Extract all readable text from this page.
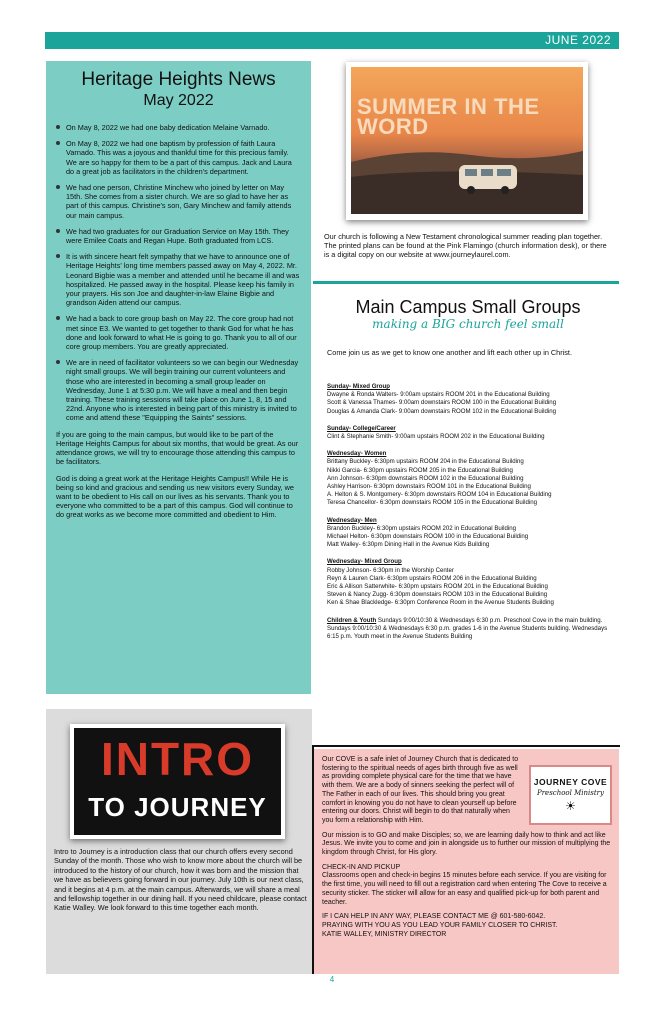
JUNE 2022
Heritage Heights News
May 2022
On May 8, 2022 we had one baby dedication Melaine Varnado.
On May 8, 2022 we had one baptism by profession of faith Laura Varnado. This was a joyous and thankful time for this precious family. We are so happy for them to be a part of this campus. Jack and Laura do a great job as facilitators in the children's department.
We had one person, Christine Minchew who joined by letter on May 15th. She comes from a sister church. We are so glad to have her as part of this campus. Christine's son, Gary Minchew and family attends our main campus.
We had two graduates for our Graduation Service on May 15th. They were Emilee Coats and Regan Hupe. Both graduated from LCS.
It is with sincere heart felt sympathy that we have to announce one of Heritage Heights' long time members passed away on May 4, 2022. Mr. Leonard Bigbie was a member and attended until he became ill and was hospitalized. He passed away in the hospital. Please keep his family in your prayers. His son Joe and daughter-in-law Elaine Bigbie and grandson Aiden attend our campus.
We had a back to core group bash on May 22. The core group had not met since E3. We wanted to get together to thank God for what he has done and look forward to what He is going to go. Thank you to all of our core group members. You are greatly appreciated.
We are in need of facilitator volunteers so we can begin our Wednesday night small groups. We will begin training our current volunteers and those who are interested in becoming a small group leader on Wednesday, June 1 at 5:30 p.m. We will have a meal and then begin training. These training sessions will take place on June 1, 8, 15 and 22nd. Anyone who is interested in being part of this ministry is invited to come and attend these "Equipping the Saints" sessions.

If you are going to the main campus, but would like to be part of the Heritage Heights Campus for about six months, that would be great. As our attendance grows, we will try to encourage those attending this campus to be facilitators.

God is doing a great work at the Heritage Heights Campus!! While He is being so kind and gracious and sending us new visitors every Sunday, we want to be obedient to His call on our lives as his servants. Thank you to everyone who committed to be a part of this campus. God will continue to do great works as we become more committed and obedient to Him.

SUMMER IN THE WORD
Our church is following a New Testament chronological summer reading plan together. The printed plans can be found at the Pink Flamingo (church information desk), or there is a digital copy on our website at www.journeylaurel.com.
Main Campus Small Groups
making a BIG church feel small
Come join us as we get to know one another and lift each other up in Christ.
Sunday- Mixed Group
Dwayne & Ronda Walters- 9:00am upstairs ROOM 201 in the Educational Building
Scott & Vanessa Thames- 9:00am downstairs ROOM 100 in the Educational Building
Douglas & Amanda Clark- 9:00am downstairs ROOM 102 in the Educational Building
Sunday- College/Career
Clint & Stephanie Smith- 9:00am upstairs ROOM 202 in the Educational Building
Wednesday- Women
Brittany Buckley- 6:30pm upstairs ROOM 204 in the Educational Building
Nikki Garcia- 6:30pm upstairs ROOM 205 in the Educational Building
Ann Johnson- 6:30pm downstairs ROOM 102 in the Educational Building
Ashley Harrison- 6:30pm downstairs ROOM 101 in the Educational Building
A. Helton & S. Montgomery- 6:30pm downstairs ROOM 104 in Educational Building
Teresa Chancellor- 6:30pm downstairs ROOM 105 in the Educational Building
Wednesday- Men
Brandon Buckley- 6:30pm upstairs ROOM 202 in Educational Building
Michael Helton- 6:30pm downstairs ROOM 100 in the Educational Building
Matt Walley- 6:30pm Dining Hall in the Avenue Kids Building
Wednesday- Mixed Group
Robby Johnson- 6:30pm in the Worship Center
Reyn & Lauren Clark- 6:30pm upstairs ROOM 206 in the Educational Building
Eric & Allison Satterwhite- 6:30pm upstairs ROOM 201 in the Educational Building
Steven & Nancy Zugg- 6:30pm downstairs ROOM 103 in the Educational Building
Ken & Shae Blackledge- 6:30pm Conference Room in the Avenue Students Building
Children & Youth Sundays 9:00/10:30 & Wednesdays 6:30 p.m. Preschool Cove in the main building. Sundays 9:00/10:30 & Wednesdays 6:30 p.m. grades 1-6 in the Avenue Students building. Wednesdays 6:15 p.m. Youth meet in the Avenue Students Building
INTRO
TO JOURNEY
Intro to Journey is a introduction class that our church offers every second Sunday of the month. Those who wish to know more about the church will be introduced to the history of our church, how it was born and the mission that we have as believers going forward in our journey. July 10th is our next class, and it begins at 4 p.m. at the main campus. Afterwards, we will share a meal and fellowship together in our dining hall. If you need childcare, please contact Katie Walley. We look forward to this time together each month.
JOURNEY COVE
Preschool Ministry
☀

Our COVE is a safe inlet of Journey Church that is dedicated to fostering to the spiritual needs of ages birth through five as well as providing complete physical care for the time that we have with them. We are a body of sinners seeking the perfect will of The Father in each of our lives. This should bring you great comfort in knowing you do not have to clean yourself up before entering our doors. Christ will begin to do that naturally when you form a relationship with Him.

Our mission is to GO and make Disciples; so, we are learning daily how to think and act like Jesus. We invite you to come and join in alongside us to further our mission of multiplying the kingdom through Christ, for His glory.

CHECK-IN AND PICKUP

Classrooms open and check-in begins 15 minutes before each service. If you are visiting for the first time, you will need to fill out a registration card when entering The Cove to receive a security sticker. The sticker will allow for an easy and qualified pick-up for both parent and teacher.

IF I CAN HELP IN ANY WAY, PLEASE CONTACT ME @ 601-580-6042.
PRAYING WITH YOU AS YOU LEAD YOUR FAMILY CLOSER TO CHRIST.
KATIE WALLEY, MINISTRY DIRECTOR
4
